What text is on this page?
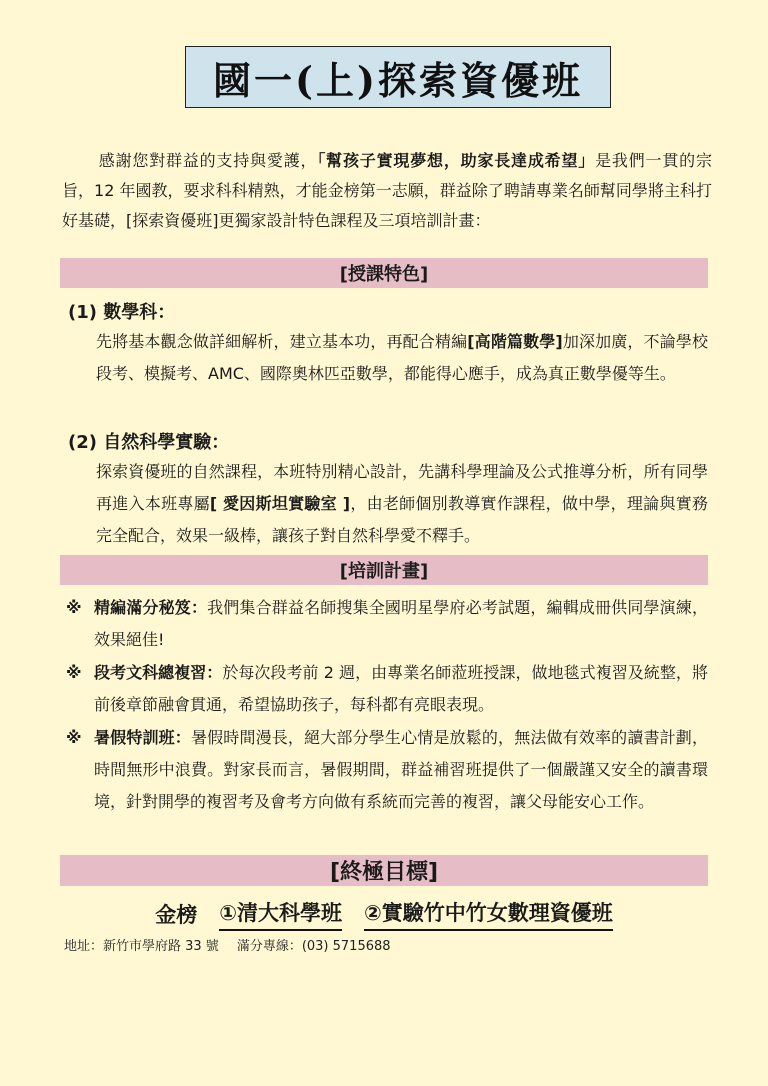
國一(上)探索資優班
感謝您對群益的支持與愛護，「幫孩子實現夢想，助家長達成希望」是我們一貫的宗旨，12 年國教，要求科科精熟，才能金榜第一志願，群益除了聘請專業名師幫同學將主科打好基礎，[探索資優班]更獨家設計特色課程及三項培訓計畫：
[授課特色]
(1) 數學科：
先將基本觀念做詳細解析，建立基本功，再配合精編[高階篇數學]加深加廣，不論學校段考、模擬考、AMC、國際奧林匹亞數學，都能得心應手，成為真正數學優等生。
(2) 自然科學實驗：
探索資優班的自然課程，本班特別精心設計，先講科學理論及公式推導分析，所有同學再進入本班專屬[ 愛因斯坦實驗室 ]，由老師個別教導實作課程，做中學，理論與實務完全配合，效果一級棒，讓孩子對自然科學愛不釋手。
[培訓計畫]
※ 精編滿分秘笈：我們集合群益名師搜集全國明星學府必考試題，編輯成冊供同學演練，效果絕佳!
※ 段考文科總複習：於每次段考前 2 週，由專業名師蒞班授課，做地毯式複習及統整，將前後章節融會貫通，希望協助孩子，每科都有亮眼表現。
※ 暑假特訓班：暑假時間漫長，絕大部分學生心情是放鬆的，無法做有效率的讀書計劃，時間無形中浪費。對家長而言，暑假期間，群益補習班提供了一個嚴謹又安全的讀書環境，針對開學的複習考及會考方向做有系統而完善的複習，讓父母能安心工作。
[終極目標]
金榜 ①清大科學班 ②實驗竹中竹女數理資優班
地址：新竹市學府路 33 號 滿分專線：(03) 5715688
